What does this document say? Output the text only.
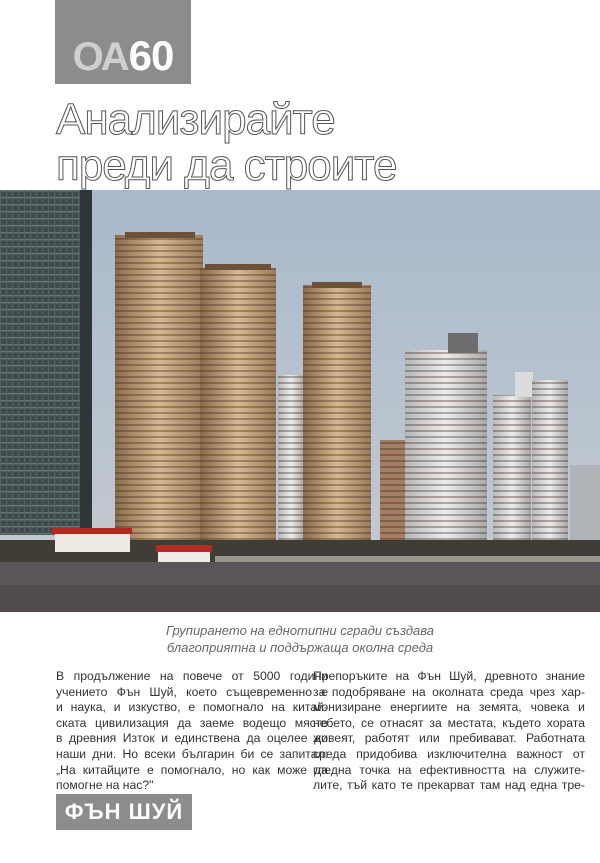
OA 60
Анализирайте
преди да строите
Групирането на еднотипни сгради създава
благоприятна и поддържаща околна среда
В продължение на повече от 5000 години
учението Фън Шуй, което същевременно е
и наука, и изкуство, е помогнало на китай-
ската цивилизация да заеме водещо място
в древния Изток и единствена да оцелее до
наши дни. Но всеки българин би се запитал:
„На китайците е помогнало, но как може да
помогне на нас?"
Препоръките на Фън Шуй, древното знание
за подобряване на околната среда чрез хар-
монизиране енергиите на земята, човека и
небето, се отнасят за местата, където хората
живеят, работят или пребивават. Работната
среда придобива изключителна важност от
гледна точка на ефективността на служите-
лите, тъй като те прекарват там над една тре-
ФЪН ШУЙ
